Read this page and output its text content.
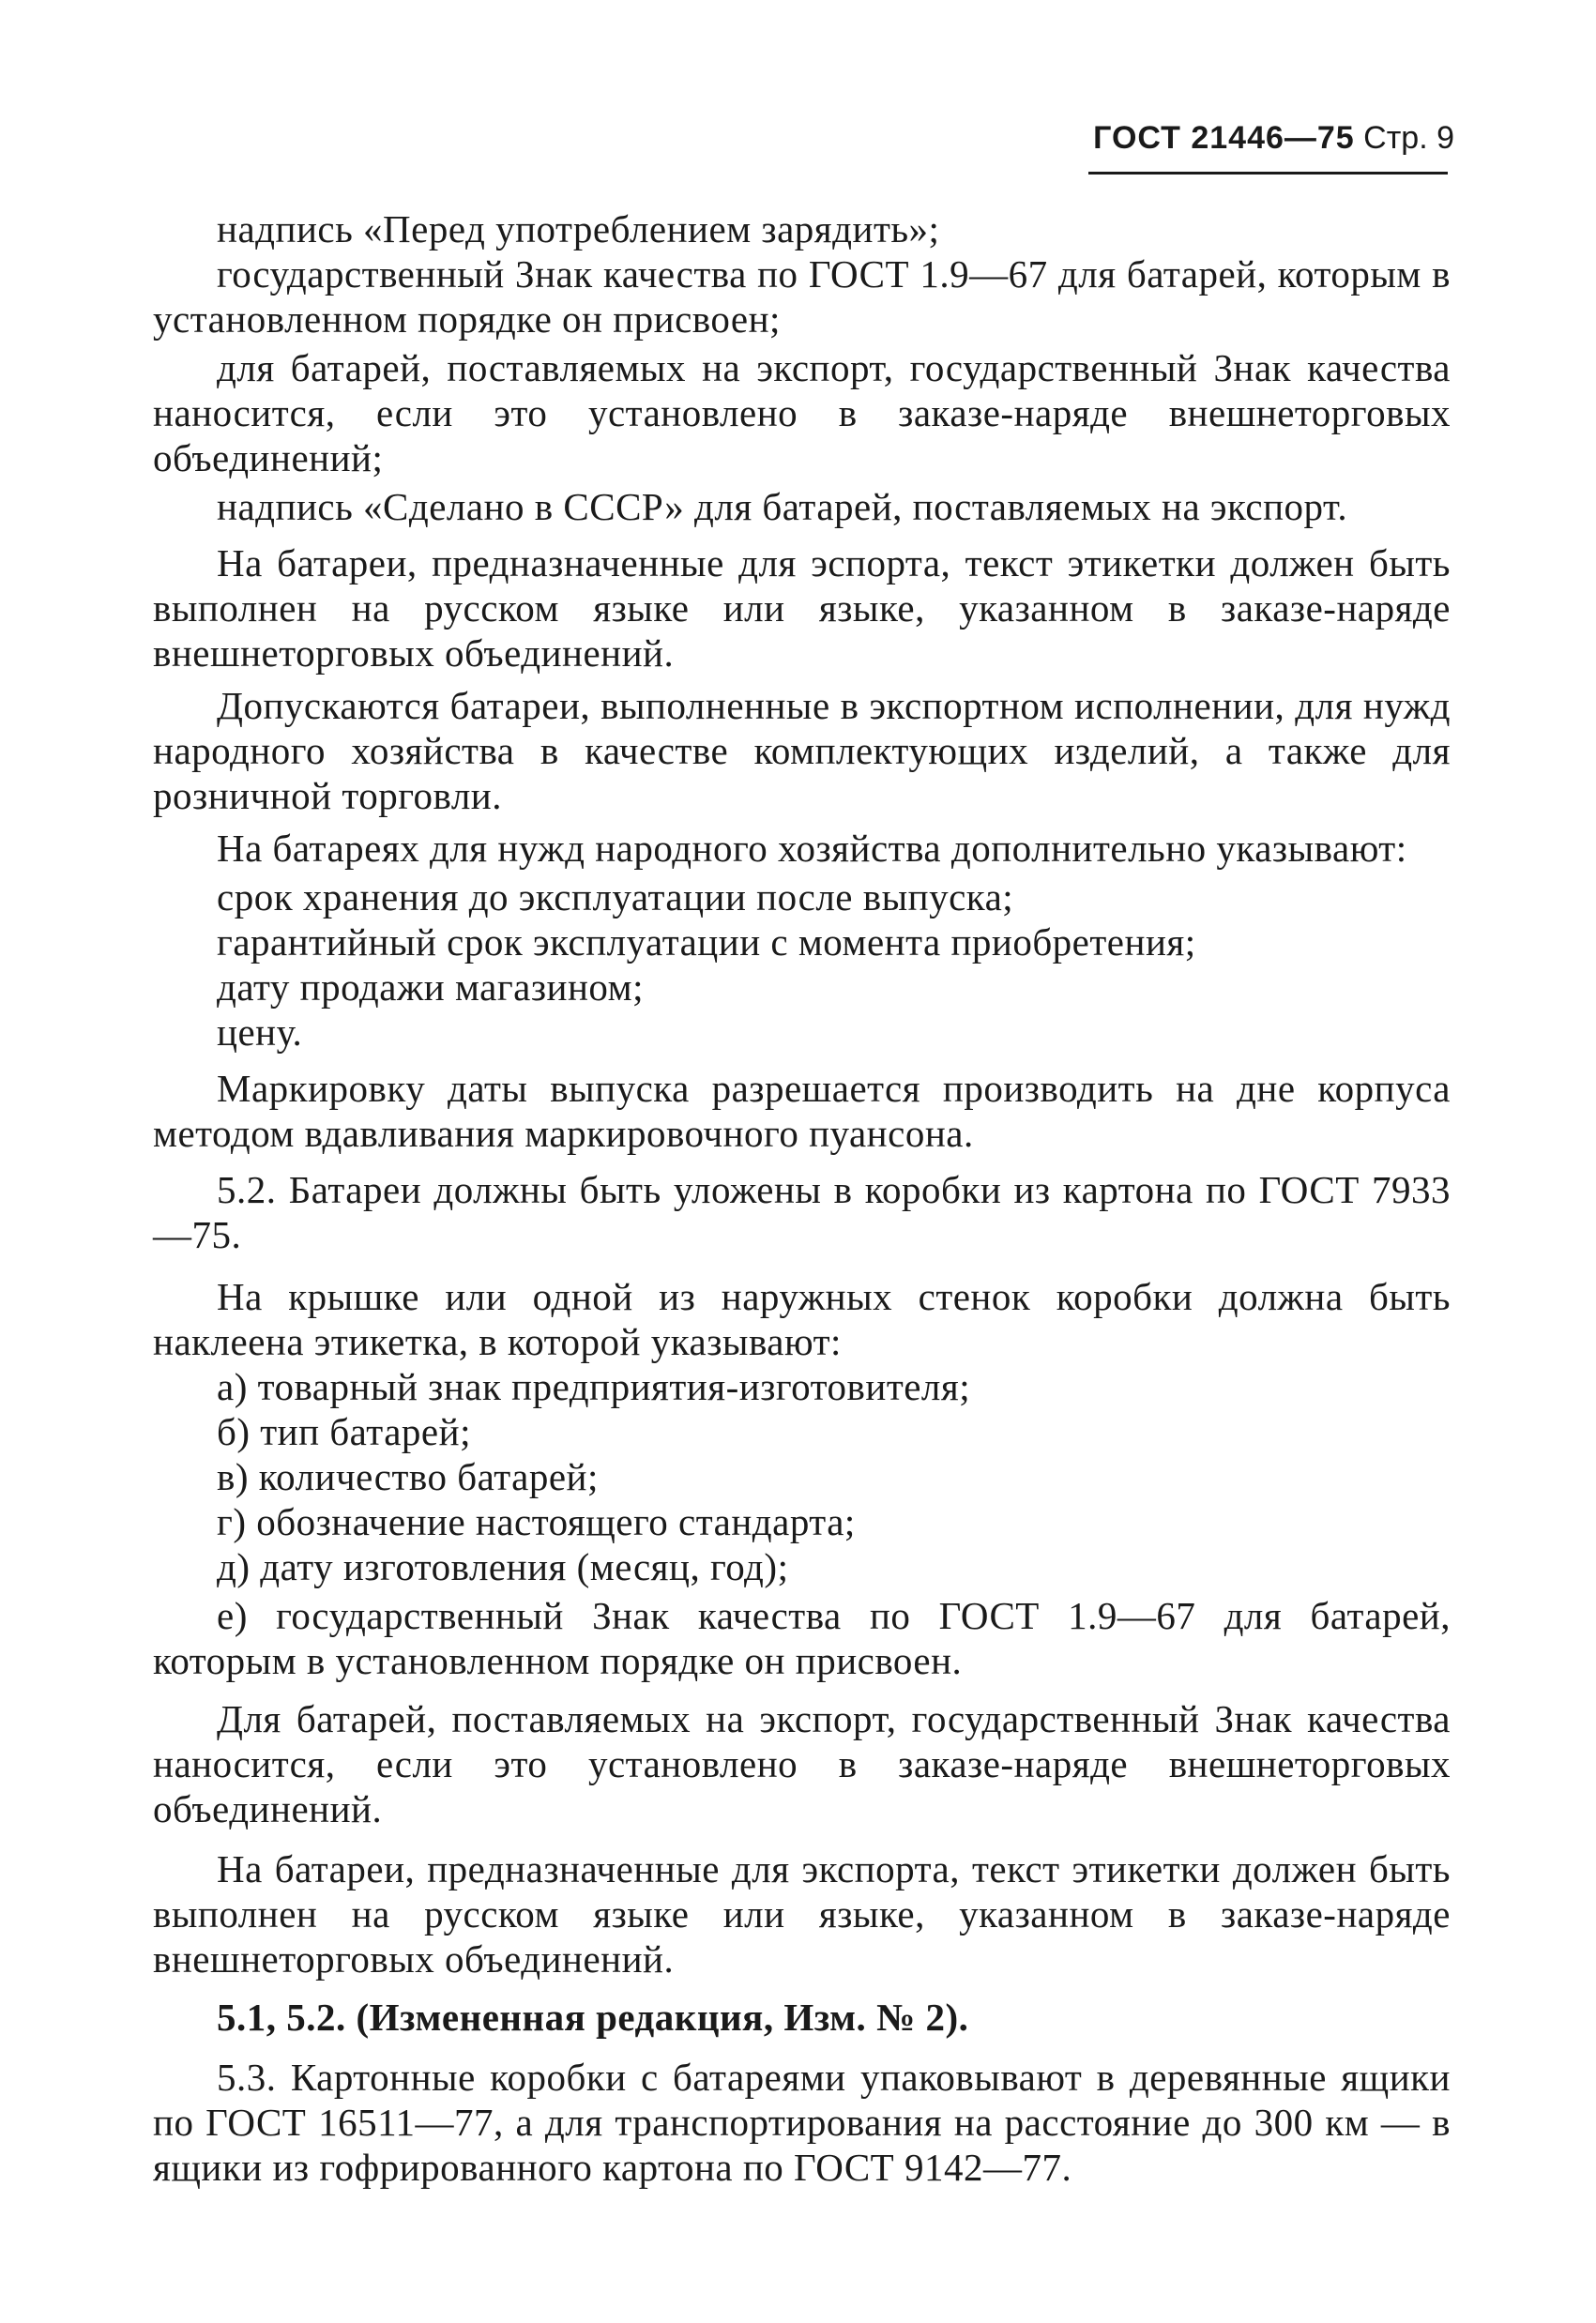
ГОСТ 21446—75 Стр. 9

надпись «Перед употреблением зарядить»;

государственный Знак качества по ГОСТ 1.9—67 для батарей, которым в установленном порядке он присвоен;

для батарей, поставляемых на экспорт, государственный Знак качества наносится, если это установлено в заказе-наряде внешнеторговых объединений;

надпись «Сделано в СССР» для батарей, поставляемых на экспорт.

На батареи, предназначенные для эспорта, текст этикетки должен быть выполнен на русском языке или языке, указанном в заказе-наряде внешнеторговых объединений.

Допускаются батареи, выполненные в экспортном исполнении, для нужд народного хозяйства в качестве комплектующих изделий, а также для розничной торговли.

На батареях для нужд народного хозяйства дополнительно указывают:

срок хранения до эксплуатации после выпуска;

гарантийный срок эксплуатации с момента приобретения;

дату продажи магазином;

цену.

Маркировку даты выпуска разрешается производить на дне корпуса методом вдавливания маркировочного пуансона.

5.2. Батареи должны быть уложены в коробки из картона по ГОСТ 7933—75.

На крышке или одной из наружных стенок коробки должна быть наклеена этикетка, в которой указывают:

а) товарный знак предприятия-изготовителя;

б) тип батарей;

в) количество батарей;

г) обозначение настоящего стандарта;

д) дату изготовления (месяц, год);

е) государственный Знак качества по ГОСТ 1.9—67 для батарей, которым в установленном порядке он присвоен.

Для батарей, поставляемых на экспорт, государственный Знак качества наносится, если это установлено в заказе-наряде внешнеторговых объединений.

На батареи, предназначенные для экспорта, текст этикетки должен быть выполнен на русском языке или языке, указанном в заказе-наряде внешнеторговых объединений.

5.1, 5.2. (Измененная редакция, Изм. № 2).

5.3. Картонные коробки с батареями упаковывают в деревянные ящики по ГОСТ 16511—77, а для транспортирования на расстояние до 300 км — в ящики из гофрированного картона по ГОСТ 9142—77.
